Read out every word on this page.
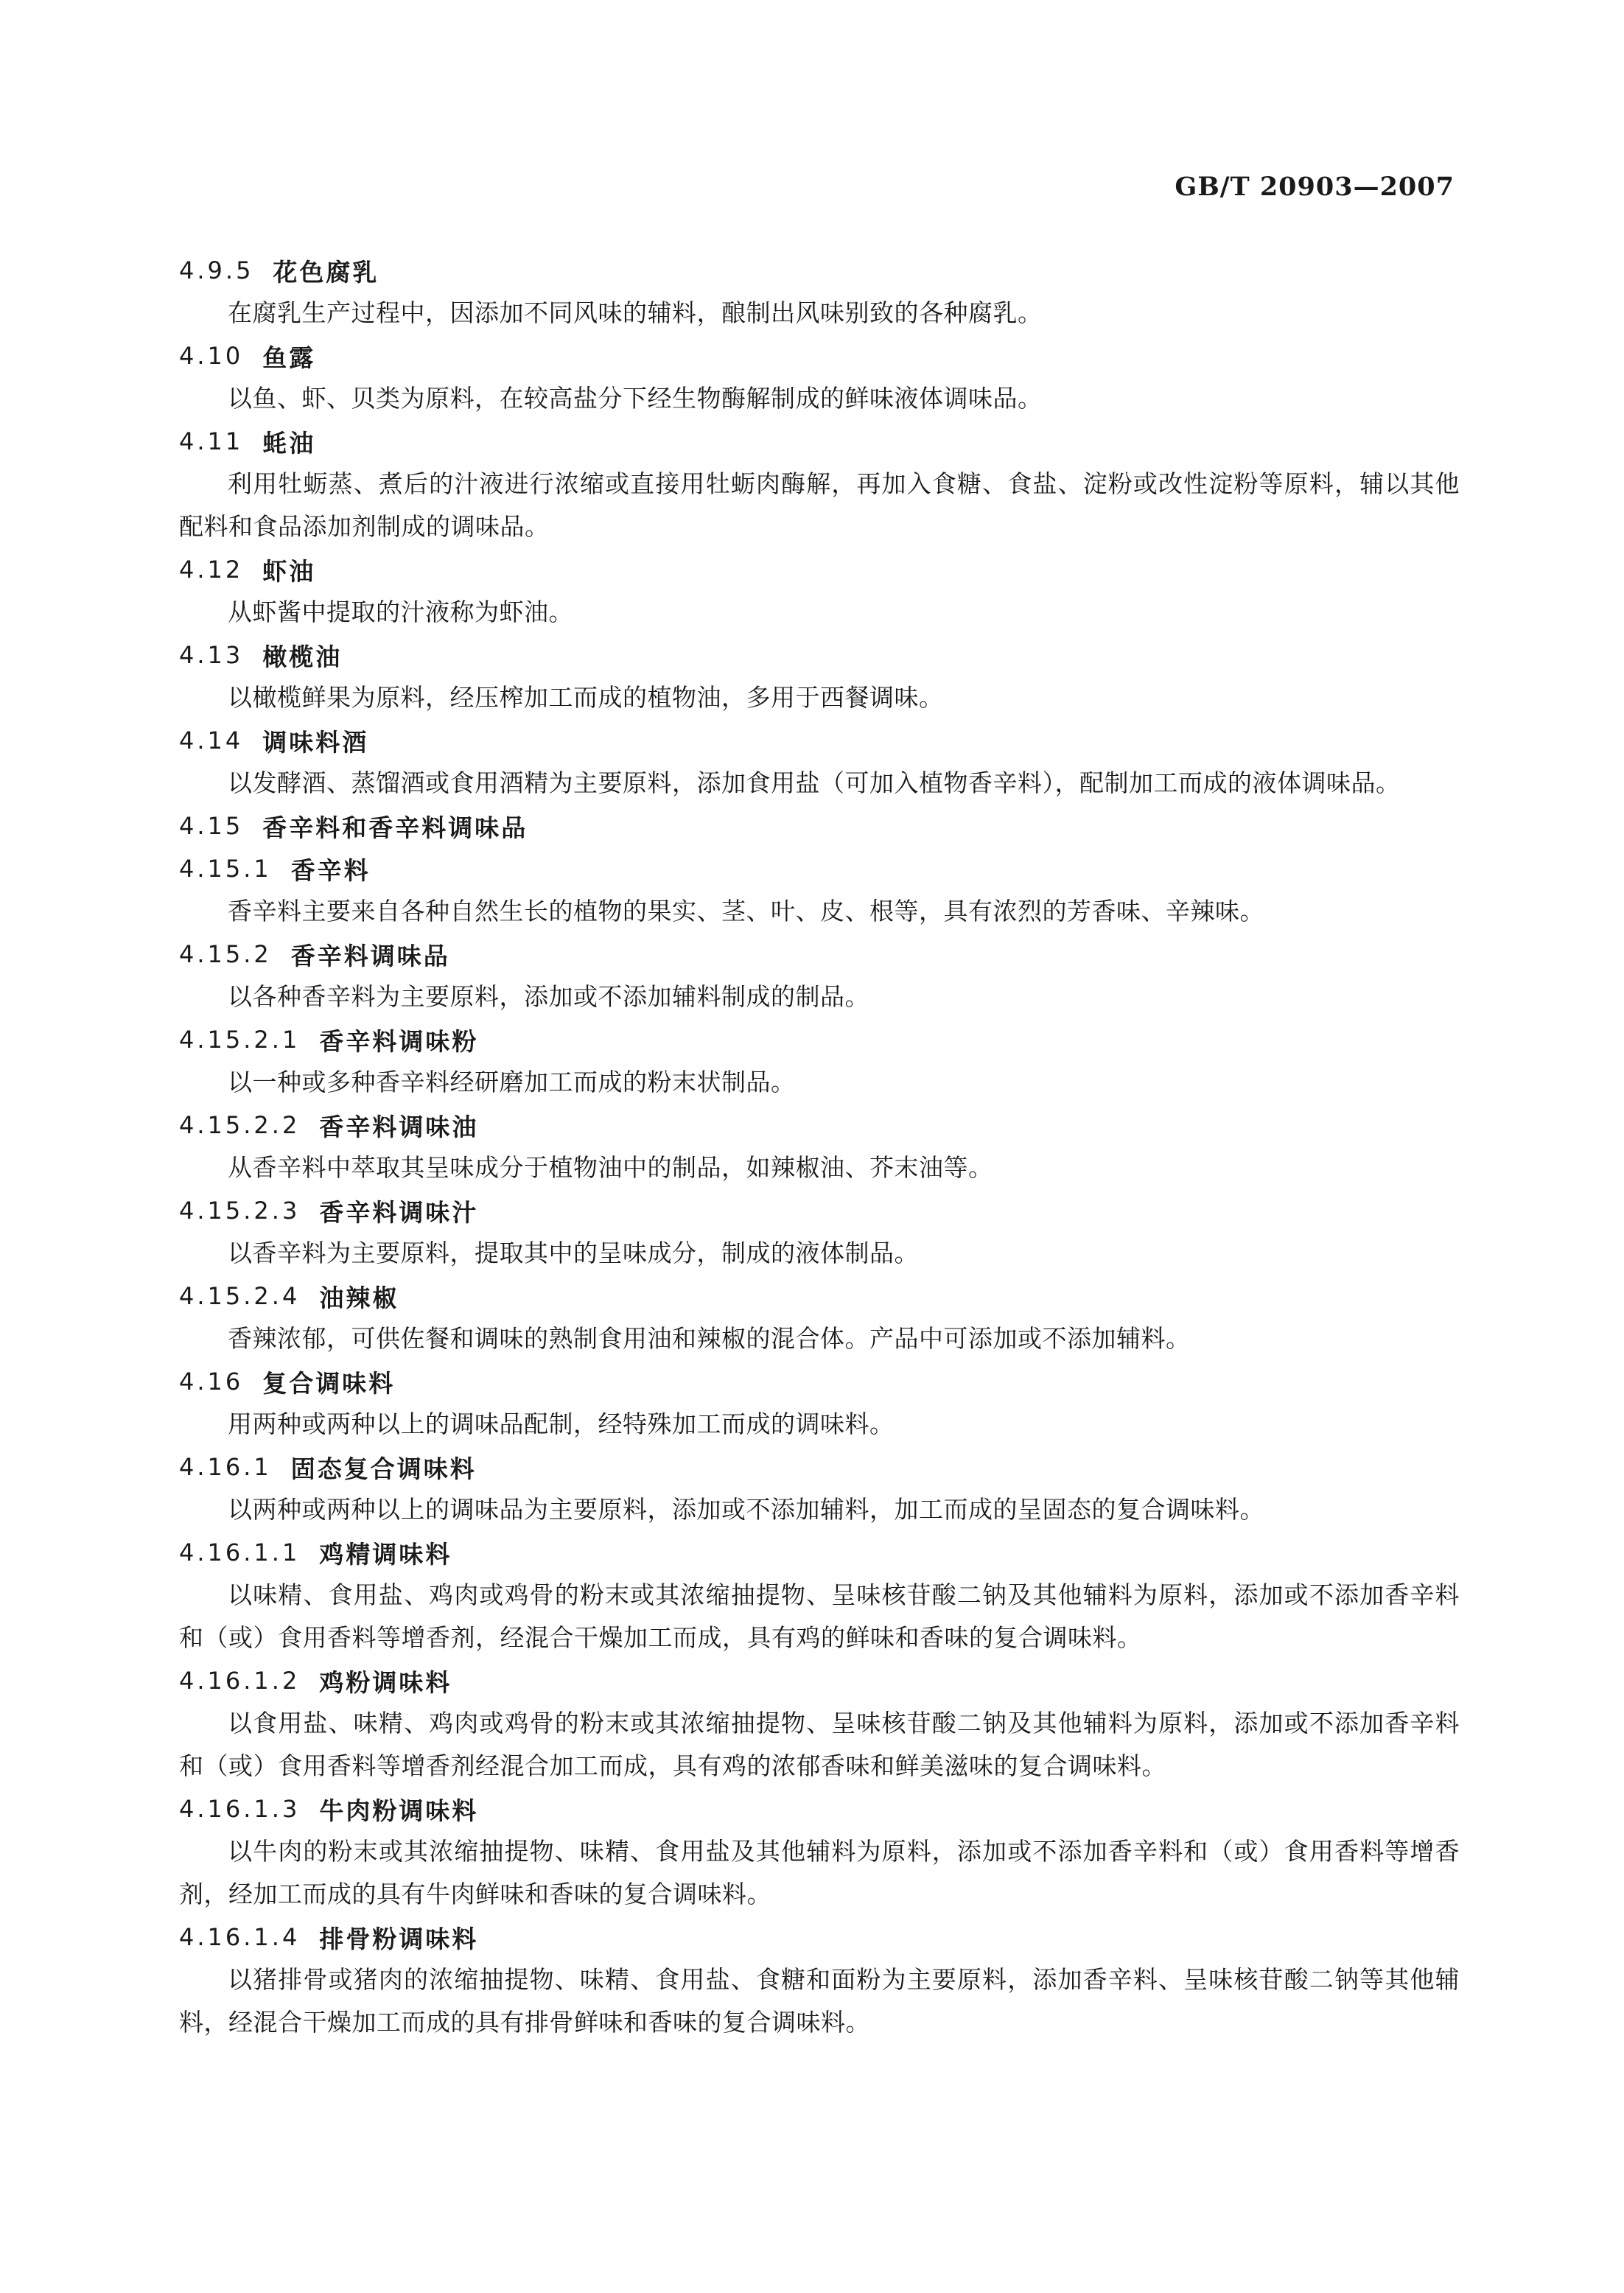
GB/T 20903—2007
4.9.5 花色腐乳

在腐乳生产过程中，因添加不同风味的辅料，酿制出风味别致的各种腐乳。

4.10 鱼露

以鱼、虾、贝类为原料，在较高盐分下经生物酶解制成的鲜味液体调味品。

4.11 蚝油

利用牡蛎蒸、煮后的汁液进行浓缩或直接用牡蛎肉酶解，再加入食糖、食盐、淀粉或改性淀粉等原料，辅以其他配料和食品添加剂制成的调味品。

4.12 虾油

从虾酱中提取的汁液称为虾油。

4.13 橄榄油

以橄榄鲜果为原料，经压榨加工而成的植物油，多用于西餐调味。

4.14 调味料酒

以发酵酒、蒸馏酒或食用酒精为主要原料，添加食用盐（可加入植物香辛料），配制加工而成的液体调味品。

4.15 香辛料和香辛料调味品
4.15.1 香辛料

香辛料主要来自各种自然生长的植物的果实、茎、叶、皮、根等，具有浓烈的芳香味、辛辣味。

4.15.2 香辛料调味品

以各种香辛料为主要原料，添加或不添加辅料制成的制品。

4.15.2.1 香辛料调味粉

以一种或多种香辛料经研磨加工而成的粉末状制品。

4.15.2.2 香辛料调味油

从香辛料中萃取其呈味成分于植物油中的制品，如辣椒油、芥末油等。

4.15.2.3 香辛料调味汁

以香辛料为主要原料，提取其中的呈味成分，制成的液体制品。

4.15.2.4 油辣椒

香辣浓郁，可供佐餐和调味的熟制食用油和辣椒的混合体。产品中可添加或不添加辅料。

4.16 复合调味料

用两种或两种以上的调味品配制，经特殊加工而成的调味料。

4.16.1 固态复合调味料

以两种或两种以上的调味品为主要原料，添加或不添加辅料，加工而成的呈固态的复合调味料。

4.16.1.1 鸡精调味料

以味精、食用盐、鸡肉或鸡骨的粉末或其浓缩抽提物、呈味核苷酸二钠及其他辅料为原料，添加或不添加香辛料和（或）食用香料等增香剂，经混合干燥加工而成，具有鸡的鲜味和香味的复合调味料。

4.16.1.2 鸡粉调味料

以食用盐、味精、鸡肉或鸡骨的粉末或其浓缩抽提物、呈味核苷酸二钠及其他辅料为原料，添加或不添加香辛料和（或）食用香料等增香剂经混合加工而成，具有鸡的浓郁香味和鲜美滋味的复合调味料。

4.16.1.3 牛肉粉调味料

以牛肉的粉末或其浓缩抽提物、味精、食用盐及其他辅料为原料，添加或不添加香辛料和（或）食用香料等增香剂，经加工而成的具有牛肉鲜味和香味的复合调味料。

4.16.1.4 排骨粉调味料

以猪排骨或猪肉的浓缩抽提物、味精、食用盐、食糖和面粉为主要原料，添加香辛料、呈味核苷酸二钠等其他辅料，经混合干燥加工而成的具有排骨鲜味和香味的复合调味料。
